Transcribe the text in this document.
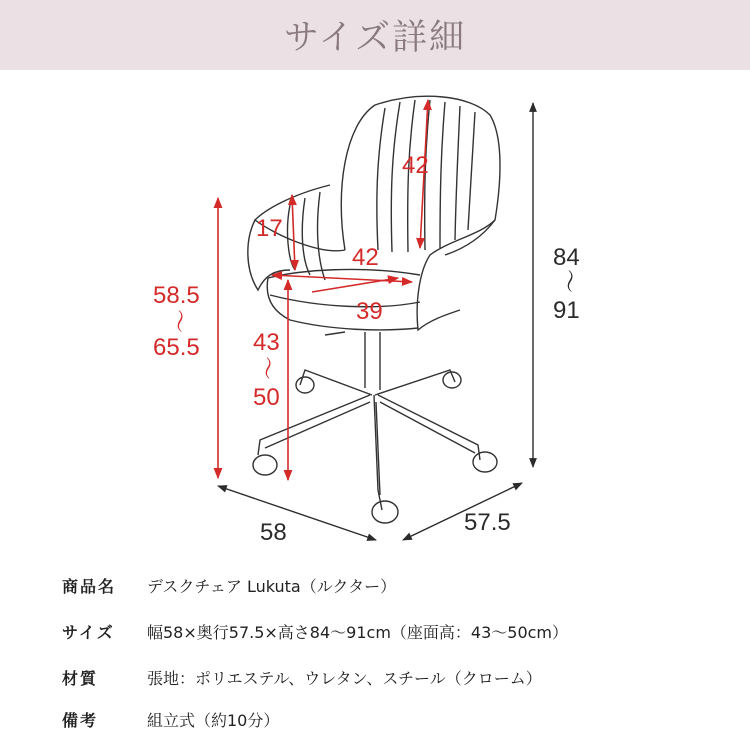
サイズ詳細
42
17
42
39
43
～
50
58.5
～
65.5
84
～
91
58	57.5
商品名 デスクチェア Lukuta（ルクター）
サイズ 幅58×奥行57.5×高さ84～91cm（座面高：43～50cm）
材質	張地：ポリエステル、ウレタン、スチール（クローム）
備考	組立式（約10分）
